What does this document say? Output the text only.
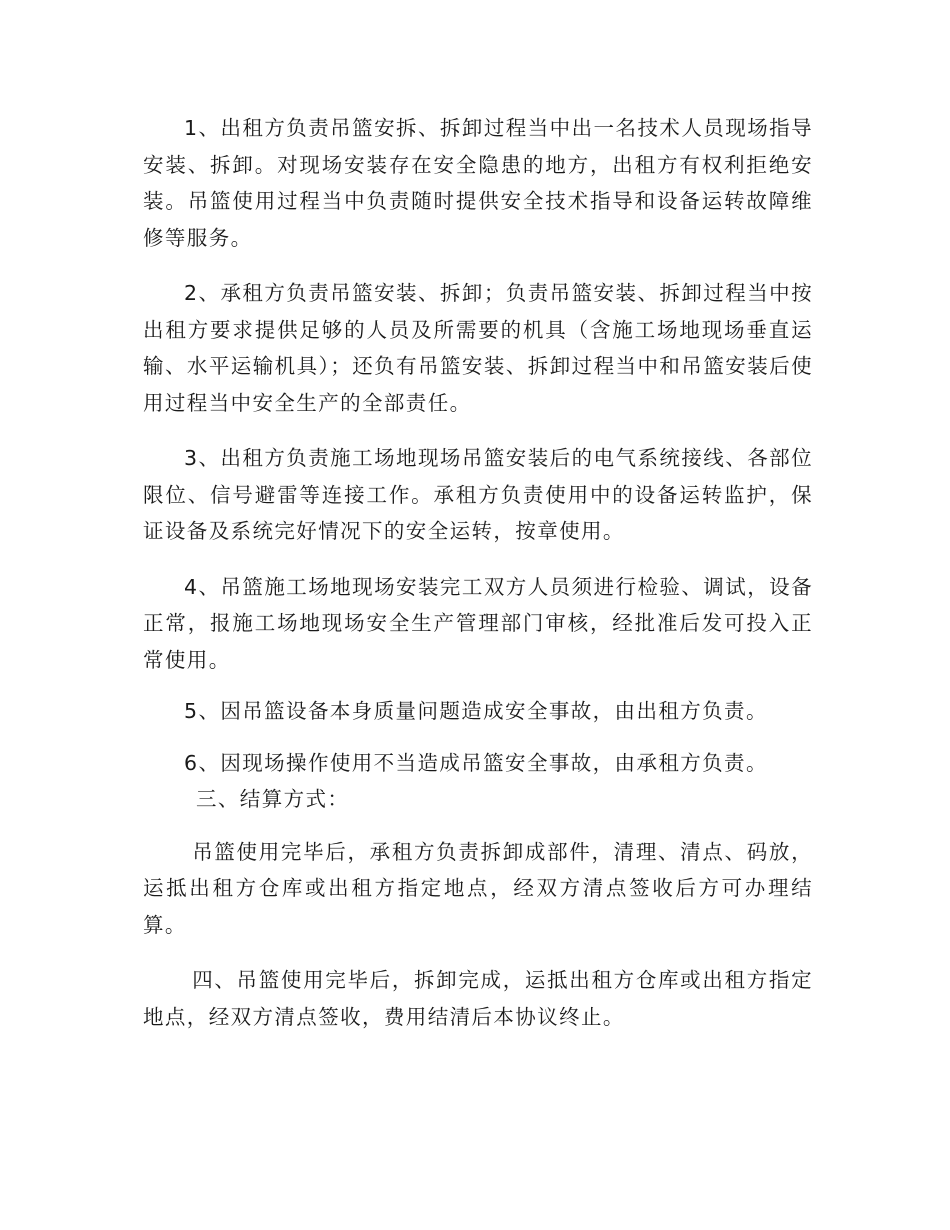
1、出租方负责吊篮安拆、拆卸过程当中出一名技术人员现场指导安装、拆卸。对现场安装存在安全隐患的地方，出租方有权利拒绝安装。吊篮使用过程当中负责随时提供安全技术指导和设备运转故障维修等服务。

2、承租方负责吊篮安装、拆卸；负责吊篮安装、拆卸过程当中按出租方要求提供足够的人员及所需要的机具（含施工场地现场垂直运输、水平运输机具）；还负有吊篮安装、拆卸过程当中和吊篮安装后使用过程当中安全生产的全部责任。

3、出租方负责施工场地现场吊篮安装后的电气系统接线、各部位限位、信号避雷等连接工作。承租方负责使用中的设备运转监护，保证设备及系统完好情况下的安全运转，按章使用。

4、吊篮施工场地现场安装完工双方人员须进行检验、调试，设备正常，报施工场地现场安全生产管理部门审核，经批准后发可投入正常使用。

5、因吊篮设备本身质量问题造成安全事故，由出租方负责。

6、因现场操作使用不当造成吊篮安全事故，由承租方负责。

三、结算方式：

吊篮使用完毕后，承租方负责拆卸成部件，清理、清点、码放，运抵出租方仓库或出租方指定地点，经双方清点签收后方可办理结算。

四、吊篮使用完毕后，拆卸完成，运抵出租方仓库或出租方指定地点，经双方清点签收，费用结清后本协议终止。
